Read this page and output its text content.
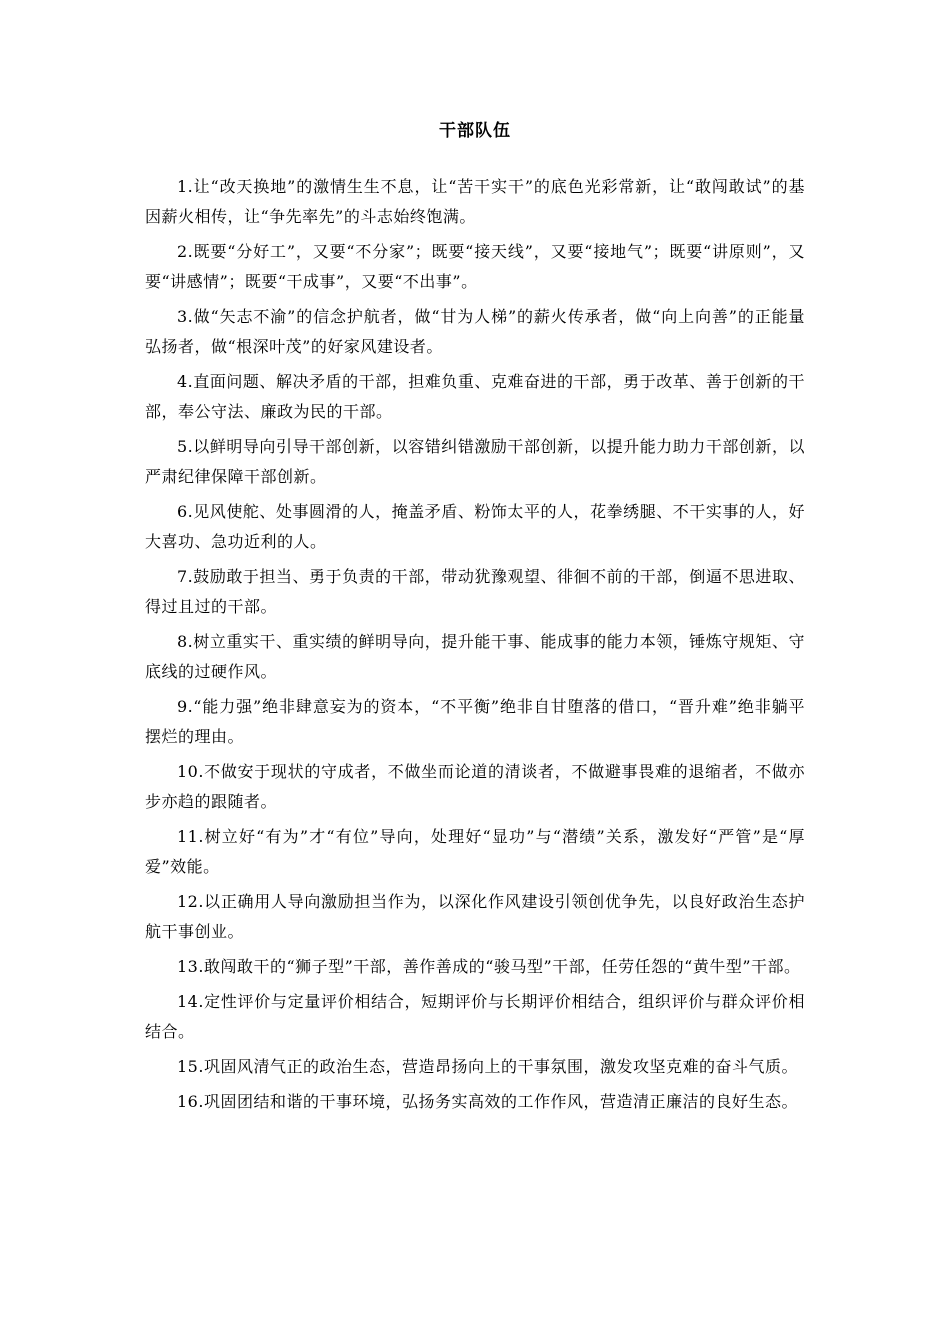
干部队伍

1.让“改天换地”的激情生生不息，让“苦干实干”的底色光彩常新，让“敢闯敢试”的基因薪火相传，让“争先率先”的斗志始终饱满。

2.既要“分好工”，又要“不分家”；既要“接天线”，又要“接地气”；既要“讲原则”，又要“讲感情”；既要“干成事”，又要“不出事”。

3.做“矢志不渝”的信念护航者，做“甘为人梯”的薪火传承者，做“向上向善”的正能量弘扬者，做“根深叶茂”的好家风建设者。

4.直面问题、解决矛盾的干部，担难负重、克难奋进的干部，勇于改革、善于创新的干部，奉公守法、廉政为民的干部。

5.以鲜明导向引导干部创新，以容错纠错激励干部创新，以提升能力助力干部创新，以严肃纪律保障干部创新。

6.见风使舵、处事圆滑的人，掩盖矛盾、粉饰太平的人，花拳绣腿、不干实事的人，好大喜功、急功近利的人。

7.鼓励敢于担当、勇于负责的干部，带动犹豫观望、徘徊不前的干部，倒逼不思进取、得过且过的干部。

8.树立重实干、重实绩的鲜明导向，提升能干事、能成事的能力本领，锤炼守规矩、守底线的过硬作风。

9.“能力强”绝非肆意妄为的资本，“不平衡”绝非自甘堕落的借口，“晋升难”绝非躺平摆烂的理由。

10.不做安于现状的守成者，不做坐而论道的清谈者，不做避事畏难的退缩者，不做亦步亦趋的跟随者。

11.树立好“有为”才“有位”导向，处理好“显功”与“潜绩”关系，激发好“严管”是“厚爱”效能。

12.以正确用人导向激励担当作为，以深化作风建设引领创优争先，以良好政治生态护航干事创业。

13.敢闯敢干的“狮子型”干部，善作善成的“骏马型”干部，任劳任怨的“黄牛型”干部。

14.定性评价与定量评价相结合，短期评价与长期评价相结合，组织评价与群众评价相结合。

15.巩固风清气正的政治生态，营造昂扬向上的干事氛围，激发攻坚克难的奋斗气质。

16.巩固团结和谐的干事环境，弘扬务实高效的工作作风，营造清正廉洁的良好生态。
